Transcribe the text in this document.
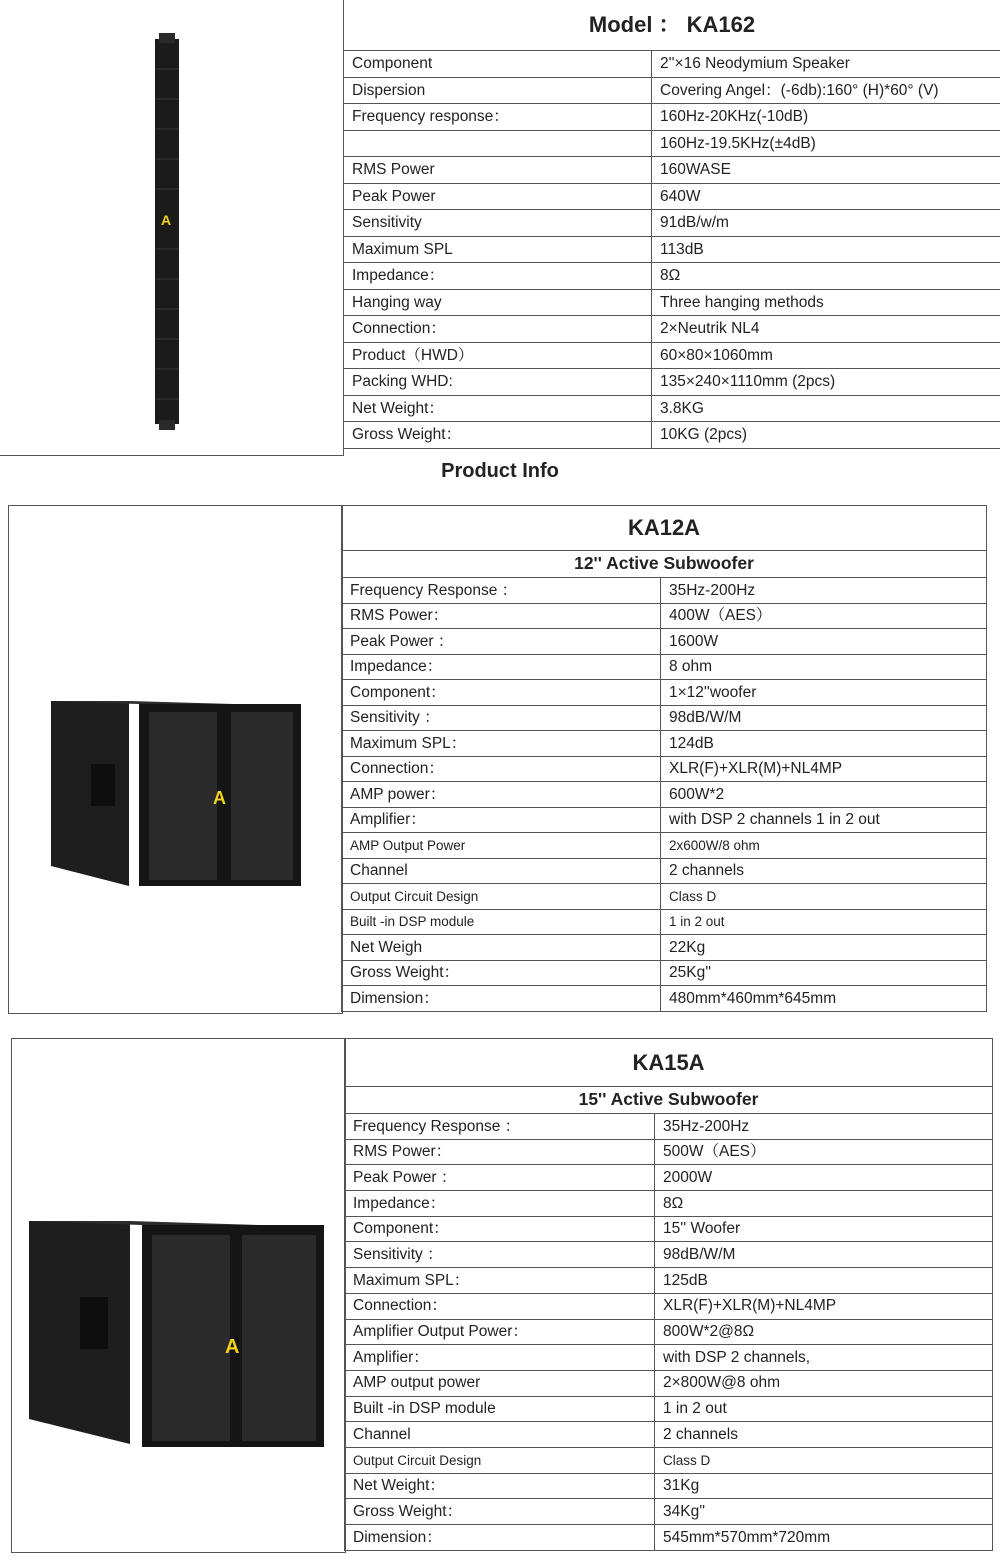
A
Model ： KA162	
Component	2''×16 Neodymium Speaker
Dispersion	Covering Angel：(-6db):160° (H)*60° (V)
Frequency response：	160Hz-20KHz(-10dB)
	160Hz-19.5KHz(±4dB)
RMS Power	160WASE
Peak Power	640W
Sensitivity	91dB/w/m
Maximum SPL	113dB
Impedance：	8Ω
Hanging way	Three hanging methods
Connection：	2×Neutrik NL4
Product（HWD）	60×80×1060mm
Packing WHD:	135×240×1110mm (2pcs)
Net Weight：	3.8KG
Gross Weight：	10KG (2pcs)
Product Info
A
KA12A	
12'' Active Subwoofer	
Frequency Response ：	35Hz-200Hz
RMS Power：	400W（AES）
Peak Power ：	1600W
Impedance：	8 ohm
Component：	1×12''woofer
Sensitivity ：	98dB/W/M
Maximum SPL：	124dB
Connection：	XLR(F)+XLR(M)+NL4MP
AMP power：	600W*2
Amplifier：	with DSP 2 channels 1 in 2 out
AMP Output Power	2x600W/8 ohm
Channel	2 channels
Output Circuit Design	Class D
Built -in DSP module	1 in 2 out
Net Weigh	22Kg
Gross Weight：	25Kg''
Dimension：	480mm*460mm*645mm
A
KA15A	
15'' Active Subwoofer	
Frequency Response ：	35Hz-200Hz
RMS Power：	500W（AES）
Peak Power ：	2000W
Impedance：	8Ω
Component：	15'' Woofer
Sensitivity ：	98dB/W/M
Maximum SPL：	125dB
Connection：	XLR(F)+XLR(M)+NL4MP
Amplifier Output Power：	800W*2@8Ω
Amplifier：	with DSP 2 channels,
AMP output power	2×800W@8 ohm
Built -in DSP module	1 in 2 out
Channel	2 channels
Output Circuit Design	Class D
Net Weight：	31Kg
Gross Weight：	34Kg''
Dimension：	545mm*570mm*720mm
